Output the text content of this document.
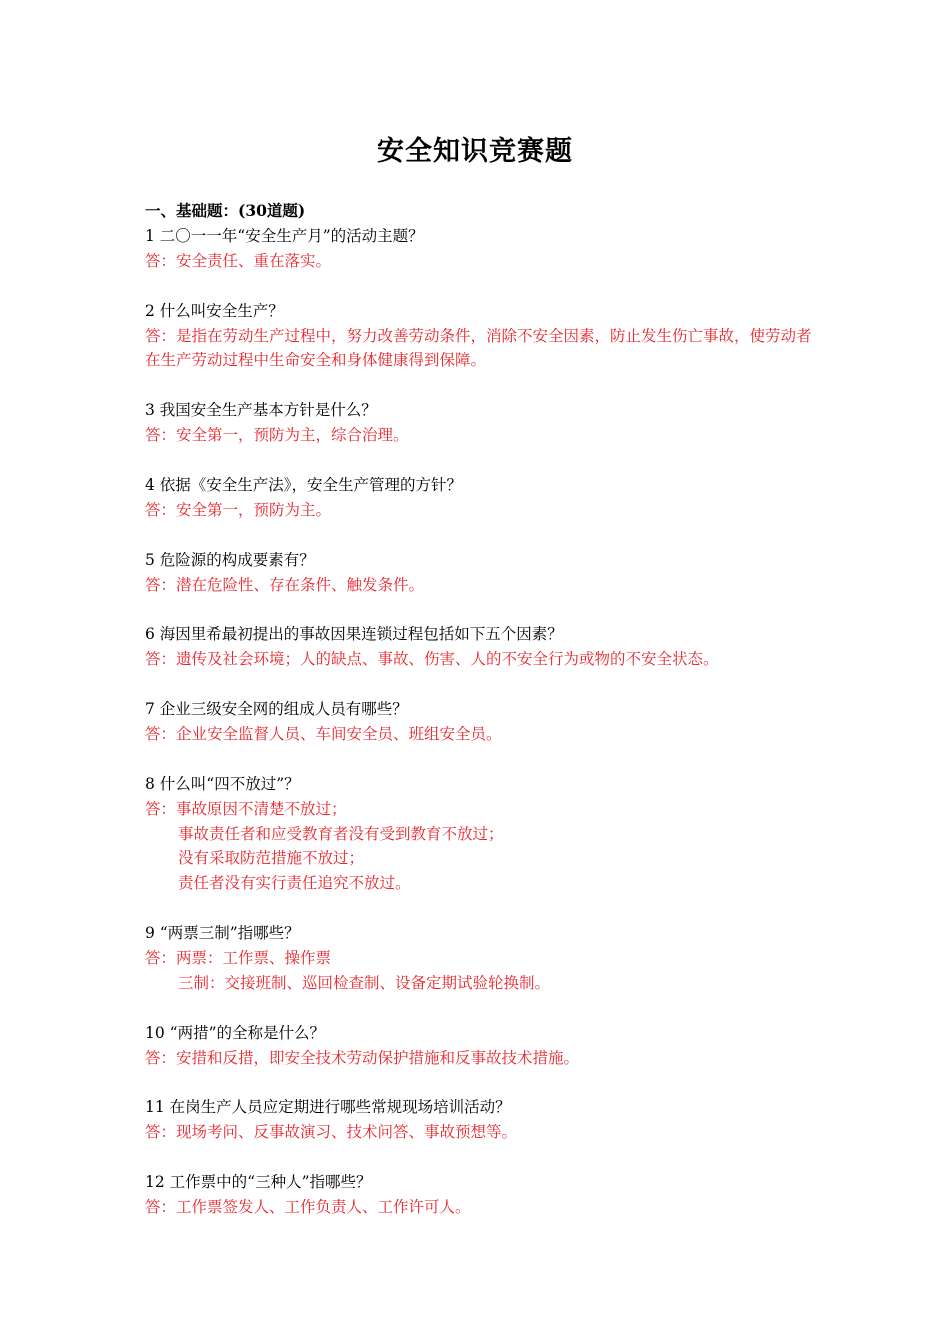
安全知识竞赛题

一、基础题：(30道题)

1 二〇一一年“安全生产月”的活动主题？

答：安全责任、重在落实。

2 什么叫安全生产？

答：是指在劳动生产过程中，努力改善劳动条件，消除不安全因素，防止发生伤亡事故，使劳动者在生产劳动过程中生命安全和身体健康得到保障。

3 我国安全生产基本方针是什么？

答：安全第一，预防为主，综合治理。

4 依据《安全生产法》，安全生产管理的方针？

答：安全第一，预防为主。

5 危险源的构成要素有？

答：潜在危险性、存在条件、触发条件。

6 海因里希最初提出的事故因果连锁过程包括如下五个因素？

答：遗传及社会环境；人的缺点、事故、伤害、人的不安全行为或物的不安全状态。

7 企业三级安全网的组成人员有哪些？

答：企业安全监督人员、车间安全员、班组安全员。

8 什么叫“四不放过”？

答：事故原因不清楚不放过；
事故责任者和应受教育者没有受到教育不放过；
没有采取防范措施不放过；
责任者没有实行责任追究不放过。

9 “两票三制”指哪些？

答：两票：工作票、操作票
三制：交接班制、巡回检查制、设备定期试验轮换制。

10 “两措”的全称是什么？

答：安措和反措，即安全技术劳动保护措施和反事故技术措施。

11 在岗生产人员应定期进行哪些常规现场培训活动？

答：现场考问、反事故演习、技术问答、事故预想等。

12 工作票中的“三种人”指哪些？

答：工作票签发人、工作负责人、工作许可人。
